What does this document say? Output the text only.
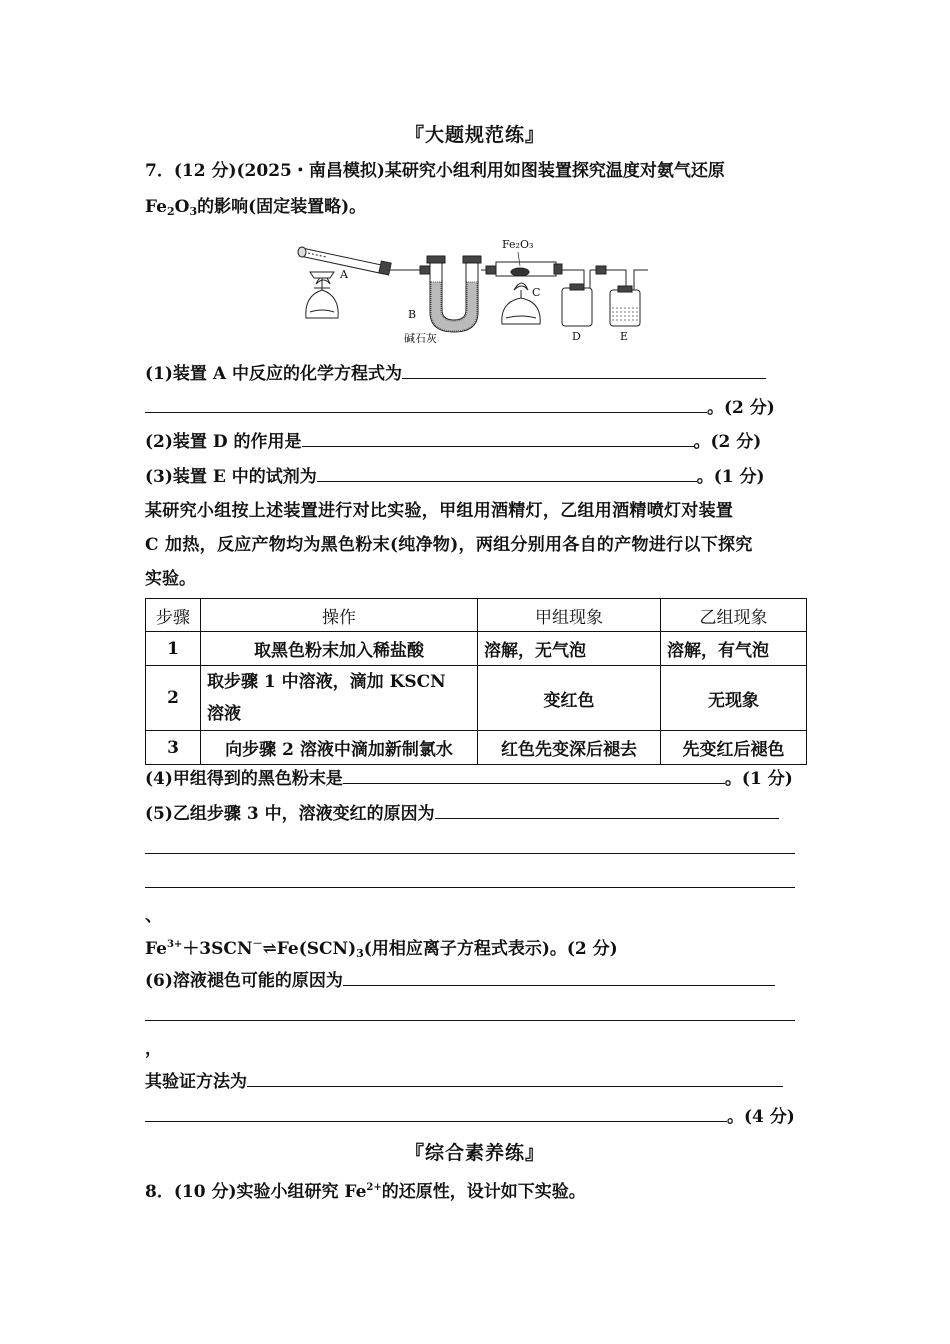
『大题规范练』
7．(12 分)(2025・南昌模拟)某研究小组利用如图装置探究温度对氨气还原
$Fe_2O_3$的影响(固定装置略)。
Fe₂O₃
A
B
C
D	E
碱石灰
(1)装置 A 中反应的化学方程式为
。(2 分)
(2)装置 D 的作用是	。(2 分)
(3)装置 E 中的试剂为	。(1 分)
某研究小组按上述装置进行对比实验，甲组用酒精灯，乙组用酒精喷灯对装置
C 加热，反应产物均为黑色粉末(纯净物)，两组分别用各自的产物进行以下探究
实验。
步骤	操作	甲组现象	乙组现象
1	取黑色粉末加入稀盐酸	溶解，无气泡	溶解，有气泡
2	取步骤 1 中溶液，滴加 KSCN
溶液	变红色	无现象
3	向步骤 2 溶液中滴加新制氯水	红色先变深后褪去	先变红后褪色
(4)甲组得到的黑色粉末是	。(1 分)
(5)乙组步骤 3 中，溶液变红的原因为
、
$Fe^{3+}+3SCN^-\rightleftharpoons Fe(SCN)_3$(用相应离子方程式表示)。(2 分)
(6)溶液褪色可能的原因为
，
其验证方法为
。(4 分)
『综合素养练』
8．(10 分)实验小组研究 $Fe^{2+}$的还原性，设计如下实验。
